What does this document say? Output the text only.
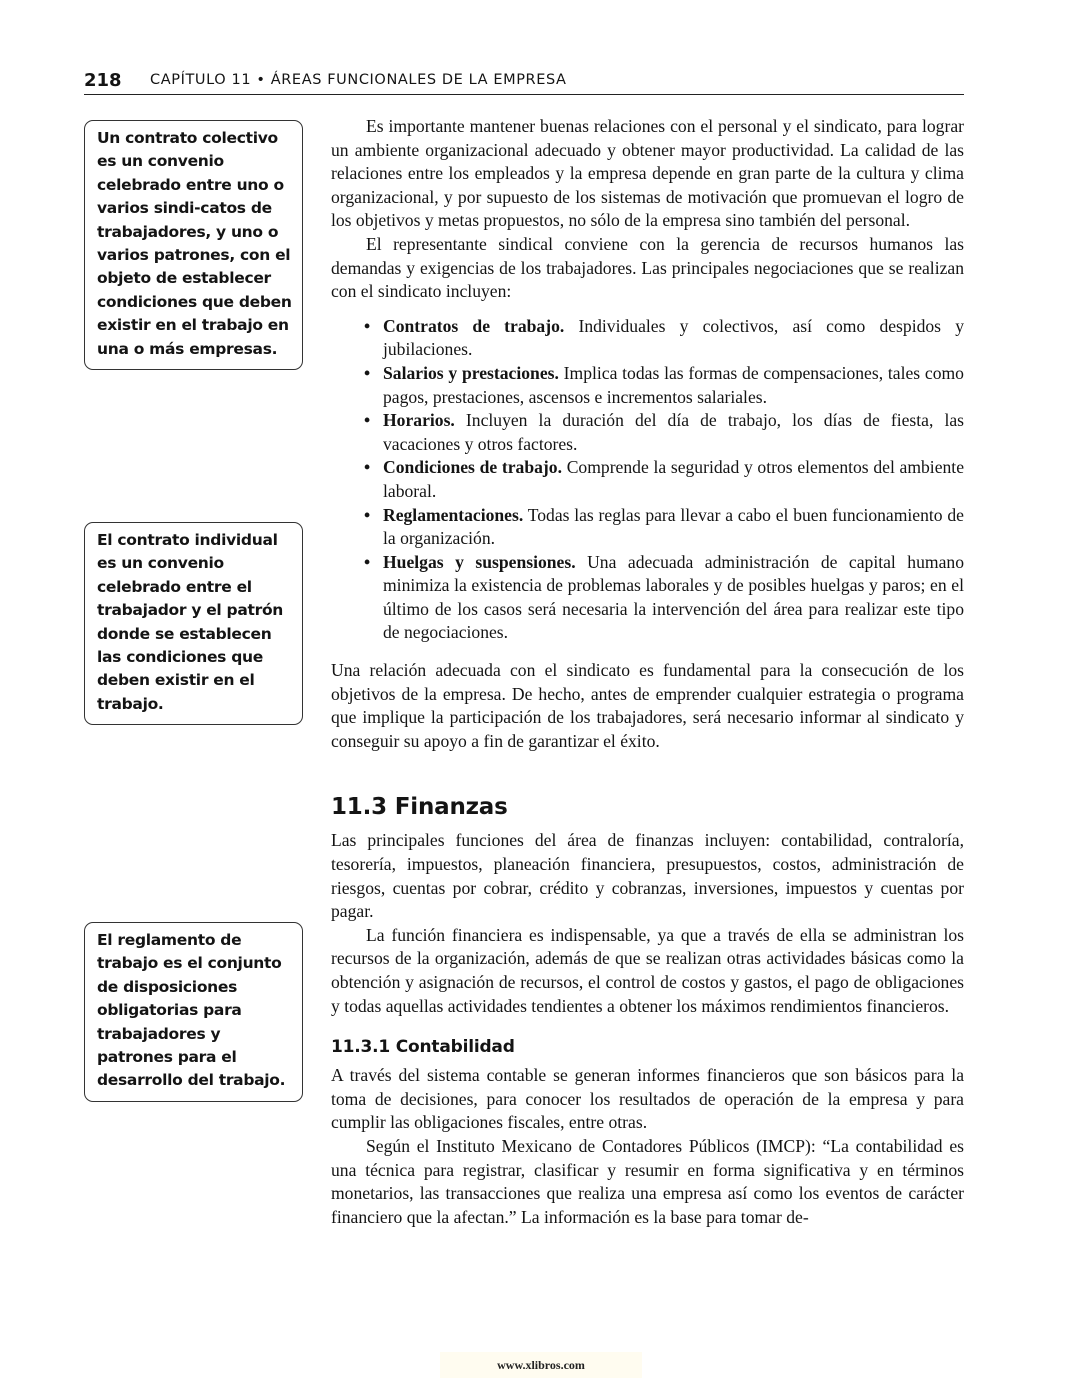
218 CAPÍTULO 11 • ÁREAS FUNCIONALES DE LA EMPRESA
Un contrato colectivo es un convenio celebrado entre uno o varios sindi-catos de trabajadores, y uno o varios patrones, con el objeto de establecer condiciones que deben existir en el trabajo en una o más empresas.
El contrato individual es un convenio celebrado entre el trabajador y el patrón donde se establecen las condiciones que deben existir en el trabajo.
El reglamento de trabajo es el conjunto de disposiciones obligatorias para trabajadores y patrones para el desarrollo del trabajo.

Es importante mantener buenas relaciones con el personal y el sindicato, para lograr un ambiente organizacional adecuado y obtener mayor productividad. La calidad de las relaciones entre los empleados y la empresa depende en gran parte de la cultura y clima organizacional, y por supuesto de los sistemas de motivación que promuevan el logro de los objetivos y metas propuestos, no sólo de la empresa sino también del personal.

El representante sindical conviene con la gerencia de recursos humanos las demandas y exigencias de los trabajadores. Las principales negociaciones que se realizan con el sindicato incluyen:

• Contratos de trabajo. Individuales y colectivos, así como despidos y jubilaciones.
• Salarios y prestaciones. Implica todas las formas de compensaciones, tales como pagos, prestaciones, ascensos e incrementos salariales.
• Horarios. Incluyen la duración del día de trabajo, los días de fiesta, las vacaciones y otros factores.
• Condiciones de trabajo. Comprende la seguridad y otros elementos del ambiente laboral.
• Reglamentaciones. Todas las reglas para llevar a cabo el buen funcionamiento de la organización.
• Huelgas y suspensiones. Una adecuada administración de capital humano minimiza la existencia de problemas laborales y de posibles huelgas y paros; en el último de los casos será necesaria la intervención del área para realizar este tipo de negociaciones.

Una relación adecuada con el sindicato es fundamental para la consecución de los objetivos de la empresa. De hecho, antes de emprender cualquier estrategia o programa que implique la participación de los trabajadores, será necesario informar al sindicato y conseguir su apoyo a fin de garantizar el éxito.

11.3 Finanzas

Las principales funciones del área de finanzas incluyen: contabilidad, contraloría, tesorería, impuestos, planeación financiera, presupuestos, costos, administración de riesgos, cuentas por cobrar, crédito y cobranzas, inversiones, impuestos y cuentas por pagar.

La función financiera es indispensable, ya que a través de ella se administran los recursos de la organización, además de que se realizan otras actividades básicas como la obtención y asignación de recursos, el control de costos y gastos, el pago de obligaciones y todas aquellas actividades tendientes a obtener los máximos rendimientos financieros.

11.3.1 Contabilidad

A través del sistema contable se generan informes financieros que son básicos para la toma de decisiones, para conocer los resultados de operación de la empresa y para cumplir las obligaciones fiscales, entre otras.

Según el Instituto Mexicano de Contadores Públicos (IMCP): “La contabilidad es una técnica para registrar, clasificar y resumir en forma significativa y en términos monetarios, las transacciones que realiza una empresa así como los eventos de carácter financiero que la afectan.” La información es la base para tomar de-

www.xlibros.com
